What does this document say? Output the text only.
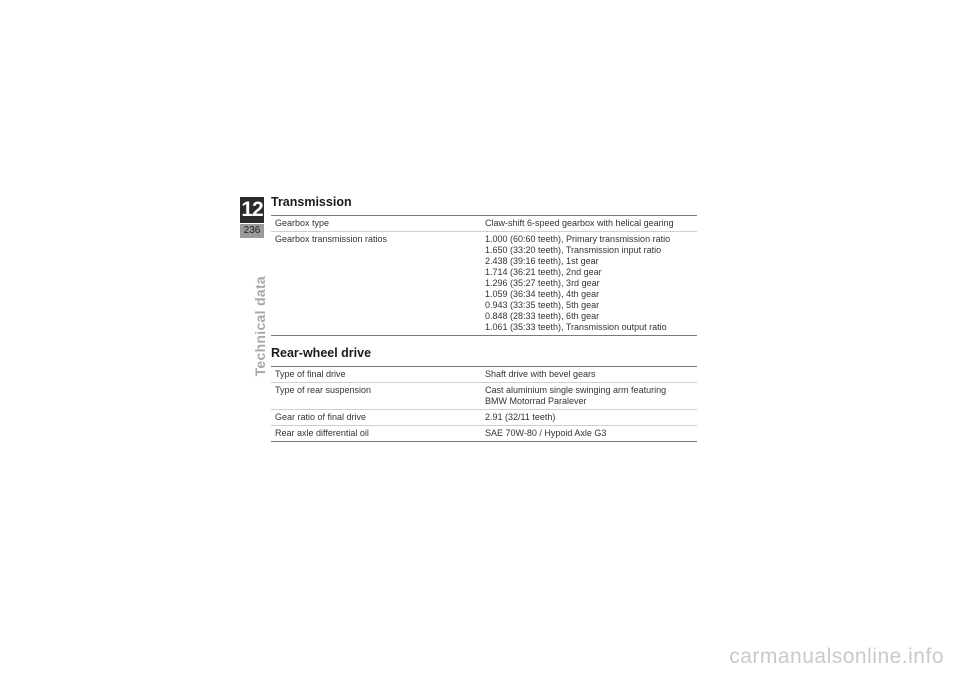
12
236
Technical data
Transmission
Gearbox type	Claw-shift 6-speed gearbox with helical gearing
Gearbox transmission ratios	1.000 (60:60 teeth), Primary transmission ratio
1.650 (33:20 teeth), Transmission input ratio
2.438 (39:16 teeth), 1st gear
1.714 (36:21 teeth), 2nd gear
1.296 (35:27 teeth), 3rd gear
1.059 (36:34 teeth), 4th gear
0.943 (33:35 teeth), 5th gear
0.848 (28:33 teeth), 6th gear
1.061 (35:33 teeth), Transmission output ratio
Rear-wheel drive
Type of final drive	Shaft drive with bevel gears
Type of rear suspension	Cast aluminium single swinging arm featuring
BMW Motorrad Paralever
Gear ratio of final drive	2.91 (32/11 teeth)
Rear axle differential oil	SAE 70W-80 / Hypoid Axle G3
carmanualsonline.info
